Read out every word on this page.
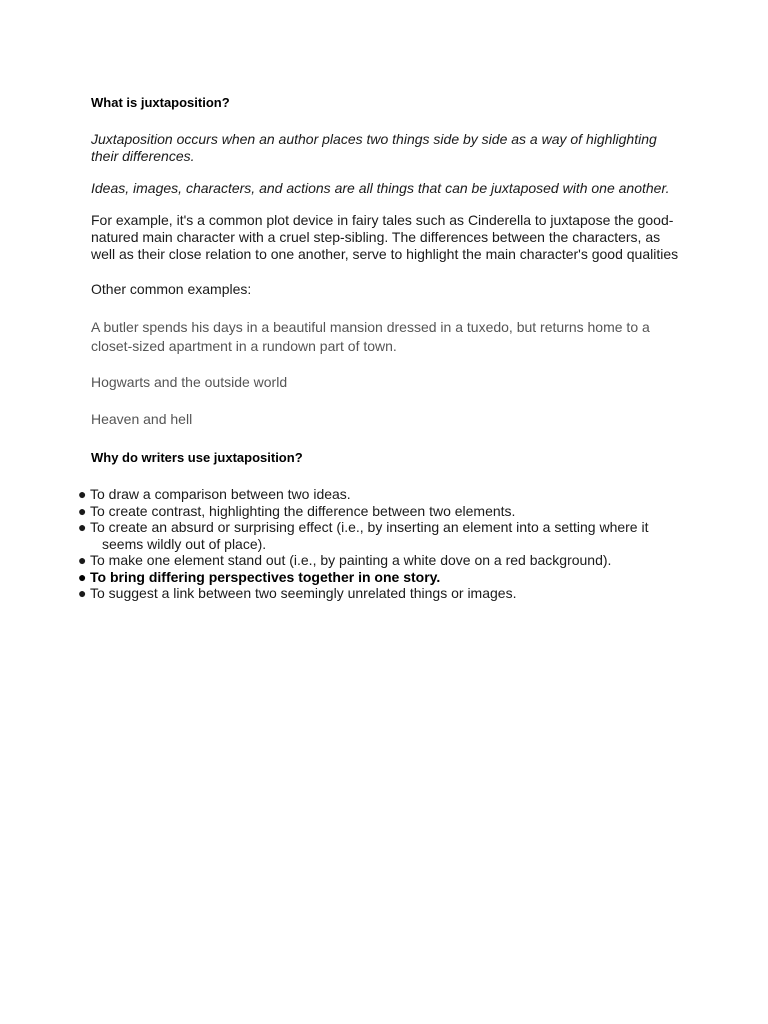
What is juxtaposition?

Juxtaposition occurs when an author places two things side by side as a way of highlighting
their differences.

Ideas, images, characters, and actions are all things that can be juxtaposed with one another.

For example, it's a common plot device in fairy tales such as Cinderella to juxtapose the good-
natured main character with a cruel step-sibling. The differences between the characters, as
well as their close relation to one another, serve to highlight the main character's good qualities

Other common examples:

A butler spends his days in a beautiful mansion dressed in a tuxedo, but returns home to a
closet-sized apartment in a rundown part of town.

Hogwarts and the outside world

Heaven and hell

Why do writers use juxtaposition?

● To draw a comparison between two ideas.
● To create contrast, highlighting the difference between two elements.
● To create an absurd or surprising effect (i.e., by inserting an element into a setting where it
seems wildly out of place).
● To make one element stand out (i.e., by painting a white dove on a red background).
● To bring differing perspectives together in one story.
● To suggest a link between two seemingly unrelated things or images.
